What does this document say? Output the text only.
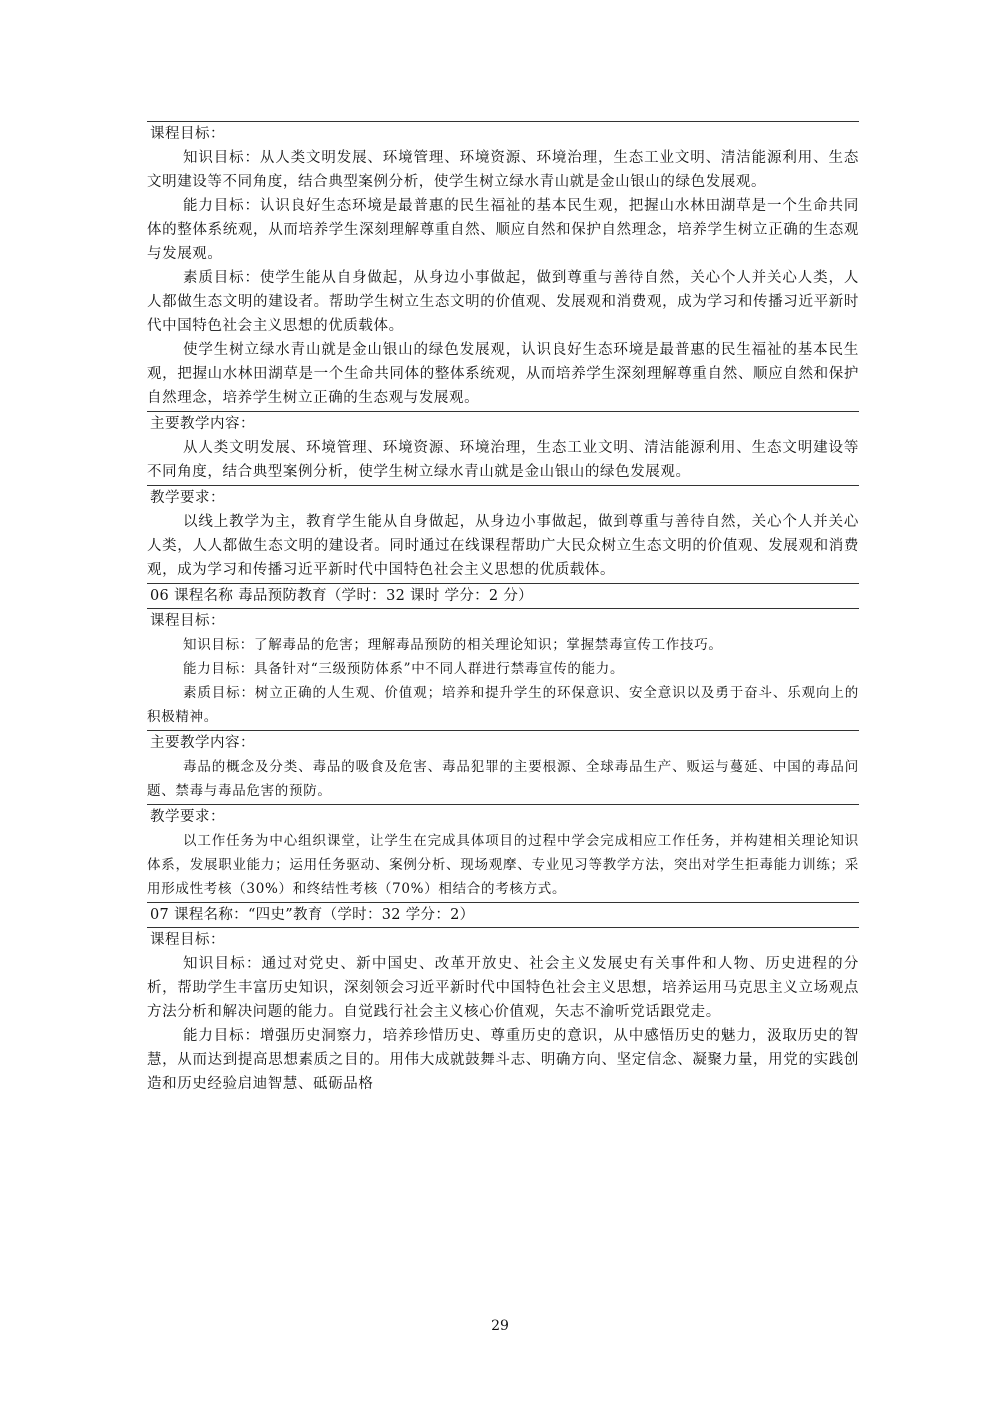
课程目标：
知识目标：从人类文明发展、环境管理、环境资源、环境治理，生态工业文明、清洁能源利用、生态文明建设等不同角度，结合典型案例分析，使学生树立绿水青山就是金山银山的绿色发展观。
能力目标：认识良好生态环境是最普惠的民生福祉的基本民生观，把握山水林田湖草是一个生命共同体的整体系统观，从而培养学生深刻理解尊重自然、顺应自然和保护自然理念，培养学生树立正确的生态观与发展观。
素质目标：使学生能从自身做起，从身边小事做起，做到尊重与善待自然，关心个人并关心人类，人人都做生态文明的建设者。帮助学生树立生态文明的价值观、发展观和消费观，成为学习和传播习近平新时代中国特色社会主义思想的优质载体。
使学生树立绿水青山就是金山银山的绿色发展观，认识良好生态环境是最普惠的民生福祉的基本民生观，把握山水林田湖草是一个生命共同体的整体系统观，从而培养学生深刻理解尊重自然、顺应自然和保护自然理念，培养学生树立正确的生态观与发展观。
主要教学内容：
从人类文明发展、环境管理、环境资源、环境治理，生态工业文明、清洁能源利用、生态文明建设等不同角度，结合典型案例分析，使学生树立绿水青山就是金山银山的绿色发展观。
教学要求：
以线上教学为主，教育学生能从自身做起，从身边小事做起，做到尊重与善待自然，关心个人并关心人类，人人都做生态文明的建设者。同时通过在线课程帮助广大民众树立生态文明的价值观、发展观和消费观，成为学习和传播习近平新时代中国特色社会主义思想的优质载体。
06 课程名称 毒品预防教育（学时：32 课时 学分：2 分）
课程目标：
知识目标：了解毒品的危害；理解毒品预防的相关理论知识；掌握禁毒宣传工作技巧。
能力目标：具备针对“三级预防体系”中不同人群进行禁毒宣传的能力。
素质目标：树立正确的人生观、价值观；培养和提升学生的环保意识、安全意识以及勇于奋斗、乐观向上的积极精神。
主要教学内容：
毒品的概念及分类、毒品的吸食及危害、毒品犯罪的主要根源、全球毒品生产、贩运与蔓延、中国的毒品问题、禁毒与毒品危害的预防。
教学要求：
以工作任务为中心组织课堂，让学生在完成具体项目的过程中学会完成相应工作任务，并构建相关理论知识体系，发展职业能力；运用任务驱动、案例分析、现场观摩、专业见习等教学方法，突出对学生拒毒能力训练；采用形成性考核（30%）和终结性考核（70%）相结合的考核方式。
07 课程名称：“四史”教育（学时：32 学分：2）
课程目标：
知识目标：通过对党史、新中国史、改革开放史、社会主义发展史有关事件和人物、历史进程的分析，帮助学生丰富历史知识，深刻领会习近平新时代中国特色社会主义思想，培养运用马克思主义立场观点方法分析和解决问题的能力。自觉践行社会主义核心价值观，矢志不渝听党话跟党走。
能力目标：增强历史洞察力，培养珍惜历史、尊重历史的意识，从中感悟历史的魅力，汲取历史的智慧，从而达到提高思想素质之目的。用伟大成就鼓舞斗志、明确方向、坚定信念、凝聚力量，用党的实践创造和历史经验启迪智慧、砥砺品格
29
